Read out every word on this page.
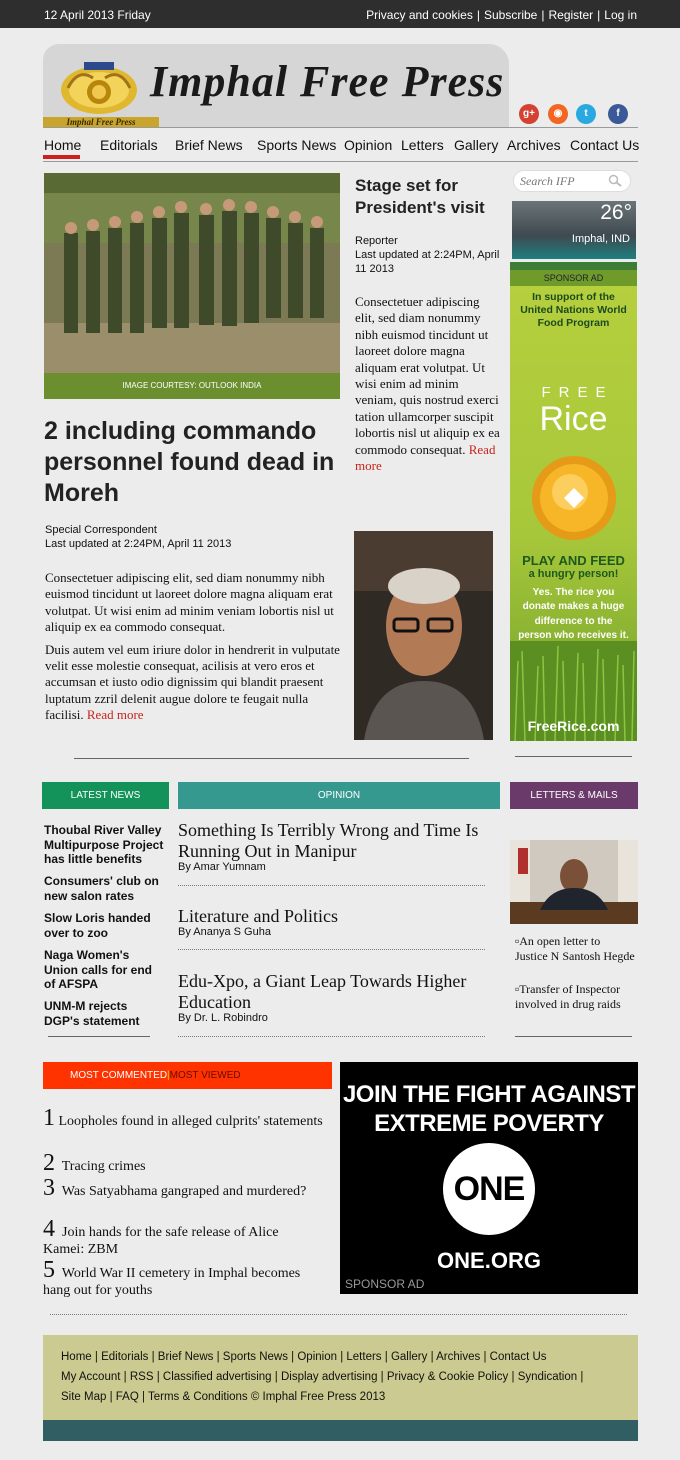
12 April 2013 Friday	Privacy and cookies | Subscribe | Register | Log in
Imphal Free Press
Imphal Free Press
g+	◉	t	f
Home Editorials Brief News Sports News Opinion Letters Gallery Archives Contact Us
IMAGE COURTESY: OUTLOOK INDIA
2 including commando personnel found dead in Moreh
Special Correspondent
Last updated at 2:24PM, April 11 2013

Consectetuer adipiscing elit, sed diam nonummy nibh euismod tincidunt ut laoreet dolore magna aliquam erat volutpat. Ut wisi enim ad minim veniam lobortis nisl ut aliquip ex ea commodo consequat.

Duis autem vel eum iriure dolor in hendrerit in vulputate velit esse molestie consequat, acilisis at vero eros et accumsan et iusto odio dignissim qui blandit praesent luptatum zzril delenit augue dolore te feugait nulla facilisi. Read more

Stage set for President's visit
Reporter
Last updated at 2:24PM, April 11 2013
Consectetuer adipiscing elit, sed diam nonummy nibh euismod tincidunt ut laoreet dolore magna aliquam erat volutpat. Ut wisi enim ad minim veniam, quis nostrud exerci tation ullamcorper suscipit lobortis nisl ut aliquip ex ea commodo consequat. Read more
Search IFP
26°
Imphal, IND
SPONSOR AD
In support of the United Nations World Food Program
FREE
Rice
PLAY AND FEED
a hungry person!
Yes. The rice you donate makes a huge difference to the person who receives it.
FreeRice.com
LATEST NEWS	OPINION	LETTERS & MAILS
Thoubal River Valley Multipurpose Project has little benefits
Consumers' club on new salon rates
Slow Loris handed over to zoo
Naga Women's Union calls for end of AFSPA
UNM-M rejects DGP's statement
Something Is Terribly Wrong and Time Is Running Out in Manipur
By Amar Yumnam
Literature and Politics
By Ananya S Guha
Edu-Xpo, a Giant Leap Towards Higher Education
By Dr. L. Robindro
▫An open letter to Justice N Santosh Hegde
▫Transfer of Inspector involved in drug raids
MOST COMMENTED|MOST VIEWED
1 Loopholes found in alleged culprits' statements
2 Tracing crimes
3 Was Satyabhama gangraped and murdered?
4 Join hands for the safe release of Alice Kamei: ZBM
5 World War II cemetery in Imphal becomes hang out for youths
JOIN THE FIGHT AGAINST
EXTREME POVERTY
ONE
ONE.ORG
SPONSOR AD
Home | Editorials | Brief News | Sports News | Opinion | Letters | Gallery | Archives | Contact Us
My Account | RSS | Classified advertising | Display advertising | Privacy & Cookie Policy | Syndication |
Site Map | FAQ | Terms & Conditions © Imphal Free Press 2013
